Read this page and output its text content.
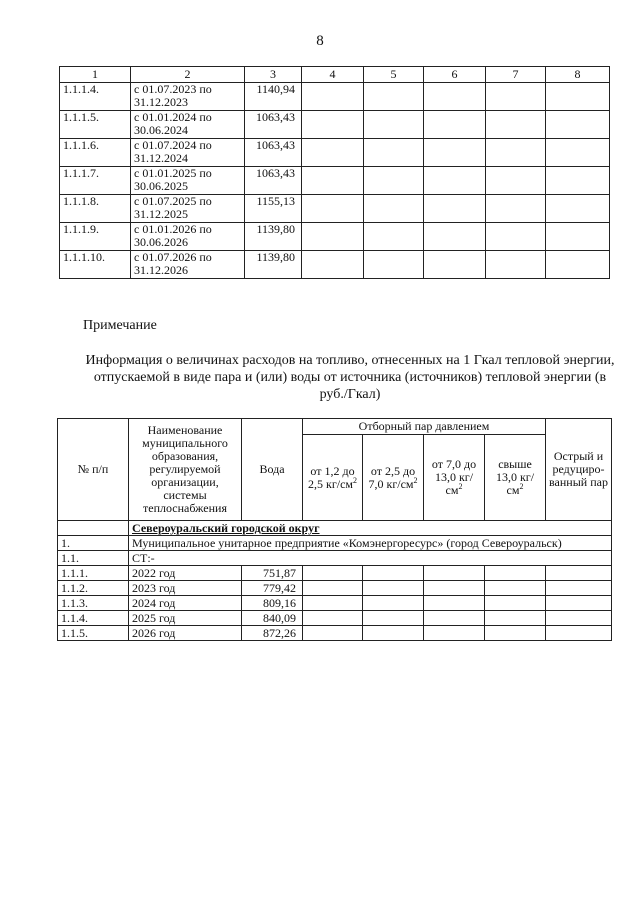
8
1	2	3	4	5	6	7	8
1.1.1.4.	с 01.07.2023 по 31.12.2023	1140,94					
1.1.1.5.	с 01.01.2024 по 30.06.2024	1063,43					
1.1.1.6.	с 01.07.2024 по 31.12.2024	1063,43					
1.1.1.7.	с 01.01.2025 по 30.06.2025	1063,43					
1.1.1.8.	с 01.07.2025 по 31.12.2025	1155,13					
1.1.1.9.	с 01.01.2026 по 30.06.2026	1139,80					
1.1.1.10.	с 01.07.2026 по 31.12.2026	1139,80					
Примечание
Информация о величинах расходов на топливо, отнесенных на 1 Гкал тепловой энергии, отпускаемой в виде пара и (или) воды от источника (источников) тепловой энергии (в руб./Гкал)
№ п/п	Наименование муниципального образования, регулируемой организации, системы теплоснабжения	Вода	Отборный пар давлением				Острый и редуциро-ванный пар
			от 1,2 до 2,5 $кг/см^2$	от 2,5 до 7,0 $кг/см^2$	от 7,0 до 13,0 $кг/см^2$	свыше 13,0 $кг/см^2$
	Североуральский городской округ						
1.	Муниципальное унитарное предприятие «Комэнергоресурс» (город Североуральск)						
1.1.	СТ:-						
1.1.1.	2022 год	751,87					
1.1.2.	2023 год	779,42					
1.1.3.	2024 год	809,16					
1.1.4.	2025 год	840,09					
1.1.5.	2026 год	872,26					
